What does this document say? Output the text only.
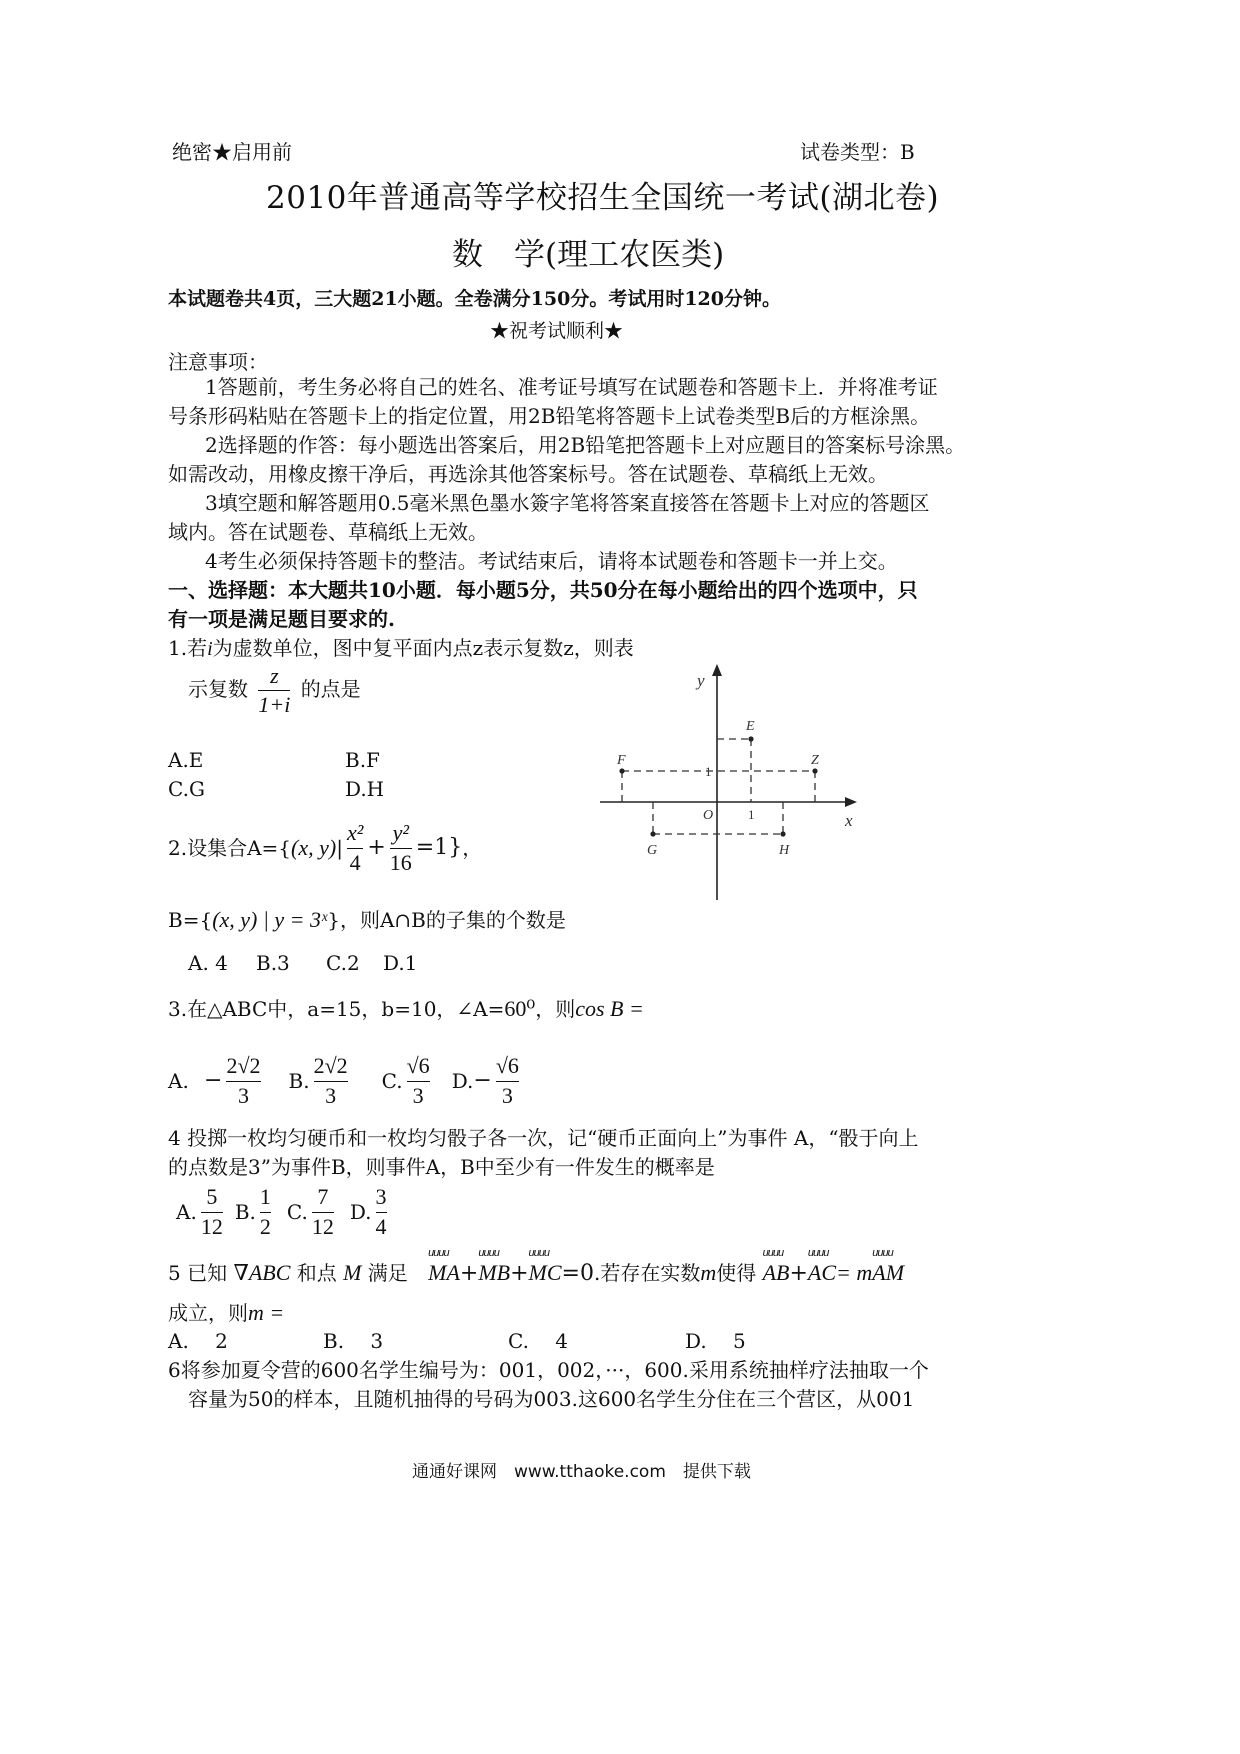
绝密★启用前	试卷类型：B
2010年普通高等学校招生全国统一考试(湖北卷)
数　学(理工农医类)
本试题卷共4页，三大题21小题。全卷满分150分。考试用时120分钟。
★祝考试顺利★
注意事项：
1答题前，考生务必将自己的姓名、准考证号填写在试题卷和答题卡上．并将准考证
号条形码粘贴在答题卡上的指定位置，用2B铅笔将答题卡上试卷类型B后的方框涂黑。
2选择题的作答：每小题选出答案后，用2B铅笔把答题卡上对应题目的答案标号涂黑。
如需改动，用橡皮擦干净后，再选涂其他答案标号。答在试题卷、草稿纸上无效。
3填空题和解答题用0.5毫米黑色墨水簽字笔将答案直接答在答题卡上对应的答题区
域内。答在试题卷、草稿纸上无效。
4考生必须保持答题卡的整洁。考试结束后，请将本试题卷和答题卡一并上交。
一、选择题：本大题共10小题．每小题5分，共50分在每小题给出的四个选项中，只
有一项是满足题目要求的.
1.若i为虚数单位，图中复平面内点z表示复数z，则表
示复数 $\frac{z}{1+i}$ 的点是
A.E	B.F
C.G	D.H
y
x
O
E
F	Z
G	H
1
1
2.设集合A={ (x, y) | $\frac{\text{x²}}{4} + \frac{\text{y²}}{16} =1$} ，
B={(x, y) | y = 3ˣ}，则A∩B的子集的个数是
A. 4 B.3 C.2 D.1
3.在△ABC中，a=15，b=10，∠A=60⁰，则cos B =
A. − $\frac{2√2}{3} B$. $\frac{2√2}{3} C$. $\frac{√6}{3} D$. − $\frac{√6}{3}$
4 投掷一枚均匀硬币和一枚均匀骰子各一次，记“硬币正面向上”为事件 A，“骰于向上
的点数是3”为事件B，则事件A，B中至少有一件发生的概率是
A. $\frac{5}{12} B$. $\frac{1}{2} C$. $\frac{7}{12} D$. $\frac{3}{4}$
5 已知 ∇ABC 和点 M 满足 uuuu MA+uuuu MB+uuuu MC=0.若存在实数m使得 uuuu AB+uuuu AC= muuuu AM
成立，则m =
A.　 2	B.　 3	C.　 4	D.　 5
6将参加夏令营的600名学生编号为：001，002，···，600.采用系统抽样疗法抽取一个
容量为50的样本，且随机抽得的号码为003.这600名学生分住在三个营区，从001
通通好课网　www.tthaoke.com　提供下载
